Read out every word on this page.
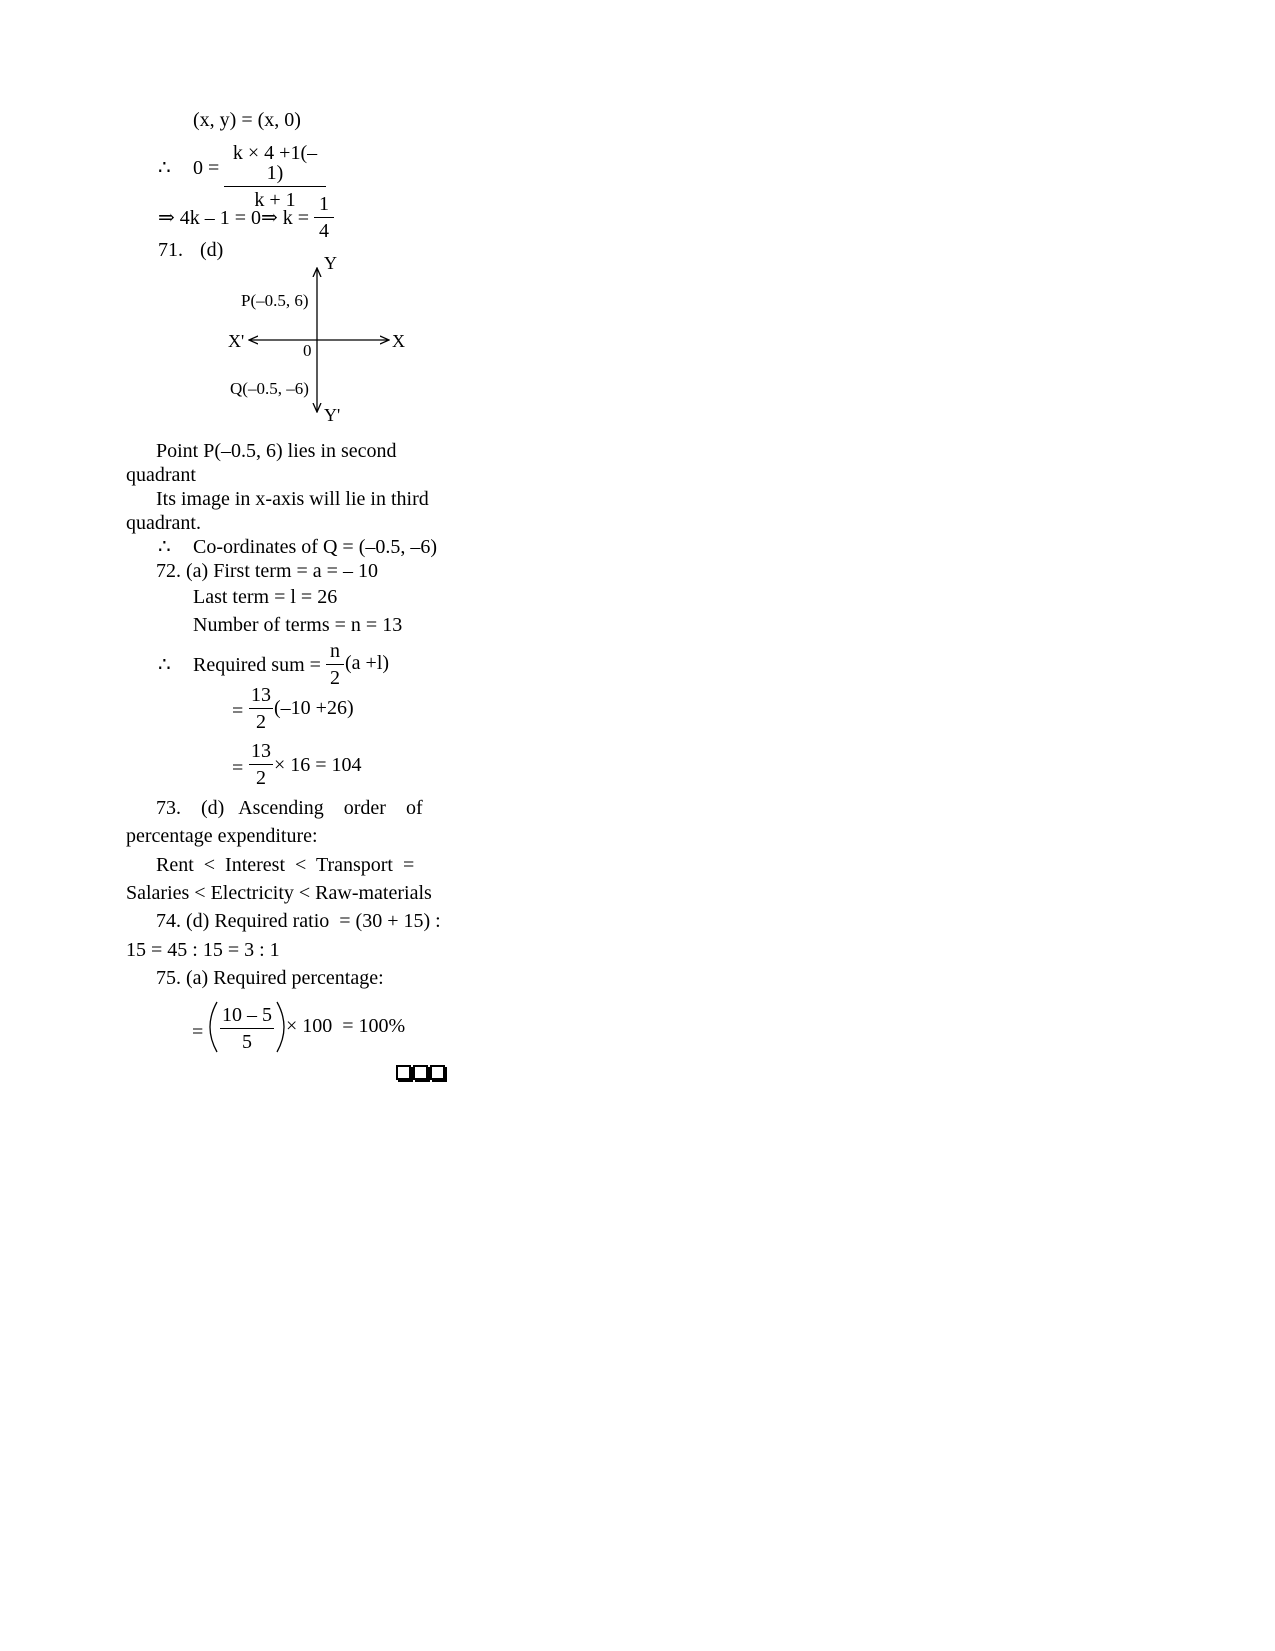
(x, y) = (x, 0)
∴ 0 =
k × 4 +1(–1)
k + 1
⇒ 4k – 1 = 0⇒ k =
1
4
71. (d)
Y
Y'
X
X'	0
P(–0.5, 6)
Q(–0.5, –6)
Point P(–0.5, 6) lies in second
quadrant
Its image in x-axis will lie in third
quadrant.
∴ Co-ordinates of Q = (–0.5, –6)
72. (a) First term = a = – 10
Last term = l = 26
Number of terms = n = 13
∴ Required sum =
n
2
(a +l)
=
13
2
(–10 +26)
=
13
2
× 16 = 104
73.    (d)   Ascending    order    of
percentage expenditure:
Rent  <  Interest  <  Transport  =
Salaries < Electricity < Raw-materials
74. (d) Required ratio  = (30 + 15) :
15 = 45 : 15 = 3 : 1
75. (a) Required percentage:
=
10 – 5
5
× 100  = 100%
